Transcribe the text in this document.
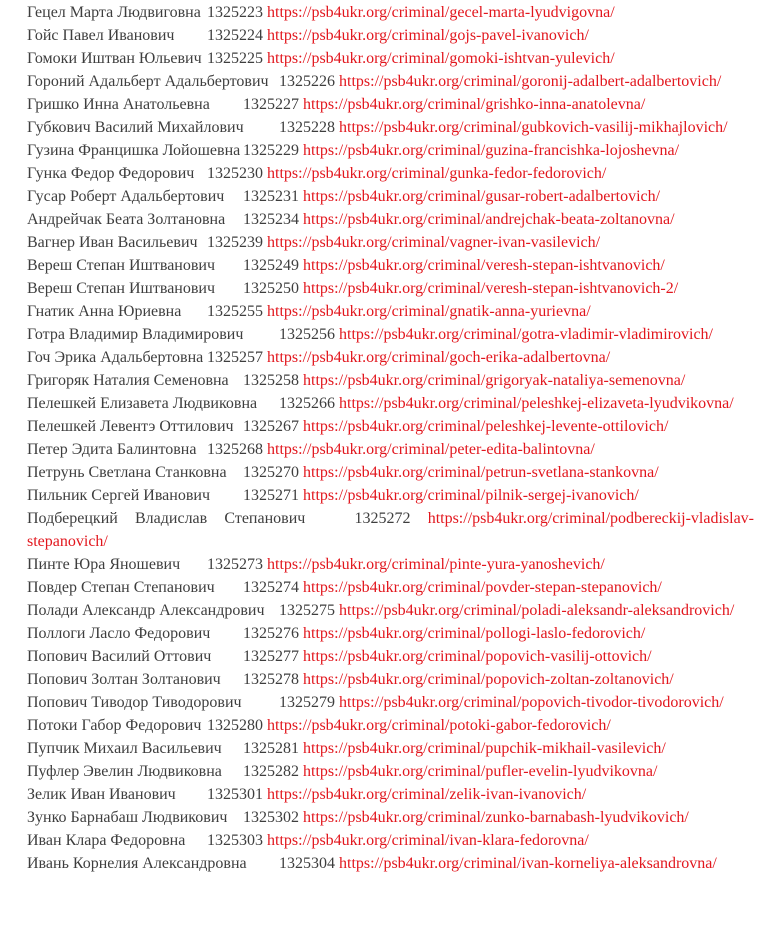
Гецел Марта Людвиговна	1325223 https://psb4ukr.org/criminal/gecel-marta-lyudvigovna/

Гойс Павел Иванович	1325224 https://psb4ukr.org/criminal/gojs-pavel-ivanovich/

Гомоки Иштван Юльевич	1325225 https://psb4ukr.org/criminal/gomoki-ishtvan-yulevich/

Гороний Адальберт Адальбертович	1325226 https://psb4ukr.org/criminal/goronij-adalbert-adalbertovich/

Гришко Инна Анатольевна	1325227 https://psb4ukr.org/criminal/grishko-inna-anatolevna/

Губкович Василий Михайлович	1325228 https://psb4ukr.org/criminal/gubkovich-vasilij-mikhajlovich/

Гузина Францишка Лойошевна	1325229 https://psb4ukr.org/criminal/guzina-francishka-lojoshevna/

Гунка Федор Федорович	1325230 https://psb4ukr.org/criminal/gunka-fedor-fedorovich/

Гусар Роберт Адальбертович	1325231 https://psb4ukr.org/criminal/gusar-robert-adalbertovich/

Андрейчак Беата Золтановна	1325234 https://psb4ukr.org/criminal/andrejchak-beata-zoltanovna/

Вагнер Иван Васильевич	1325239 https://psb4ukr.org/criminal/vagner-ivan-vasilevich/

Вереш Степан Иштванович	1325249 https://psb4ukr.org/criminal/veresh-stepan-ishtvanovich/

Вереш Степан Иштванович	1325250 https://psb4ukr.org/criminal/veresh-stepan-ishtvanovich-2/

Гнатик Анна Юриевна	1325255 https://psb4ukr.org/criminal/gnatik-anna-yurievna/

Готра Владимир Владимирович	1325256 https://psb4ukr.org/criminal/gotra-vladimir-vladimirovich/

Гоч Эрика Адальбертовна	1325257 https://psb4ukr.org/criminal/goch-erika-adalbertovna/

Григоряк Наталия Семеновна	1325258 https://psb4ukr.org/criminal/grigoryak-nataliya-semenovna/

Пелешкей Елизавета Людвиковна	1325266 https://psb4ukr.org/criminal/peleshkej-elizaveta-lyudvikovna/

Пелешкей Левентэ Оттилович	1325267 https://psb4ukr.org/criminal/peleshkej-levente-ottilovich/

Петер Эдита Балинтовна	1325268 https://psb4ukr.org/criminal/peter-edita-balintovna/

Петрунь Светлана Станковна	1325270 https://psb4ukr.org/criminal/petrun-svetlana-stankovna/

Пильник Сергей Иванович	1325271 https://psb4ukr.org/criminal/pilnik-sergej-ivanovich/

Подберецкий Владислав Степанович		1325272 https://psb4ukr.org/criminal/podbereckij-vladislav-stepanovich/

Пинте Юра Яношевич	1325273 https://psb4ukr.org/criminal/pinte-yura-yanoshevich/

Повдер Степан Степанович	1325274 https://psb4ukr.org/criminal/povder-stepan-stepanovich/

Полади Александр Александрович	1325275 https://psb4ukr.org/criminal/poladi-aleksandr-aleksandrovich/

Поллоги Ласло Федорович	1325276 https://psb4ukr.org/criminal/pollogi-laslo-fedorovich/

Попович Василий Оттович	1325277 https://psb4ukr.org/criminal/popovich-vasilij-ottovich/

Попович Золтан Золтанович	1325278 https://psb4ukr.org/criminal/popovich-zoltan-zoltanovich/

Попович Тиводор Тиводорович	1325279 https://psb4ukr.org/criminal/popovich-tivodor-tivodorovich/

Потоки Габор Федорович	1325280 https://psb4ukr.org/criminal/potoki-gabor-fedorovich/

Пупчик Михаил Васильевич	1325281 https://psb4ukr.org/criminal/pupchik-mikhail-vasilevich/

Пуфлер Эвелин Людвиковна	1325282 https://psb4ukr.org/criminal/pufler-evelin-lyudvikovna/

Зелик Иван Иванович	1325301 https://psb4ukr.org/criminal/zelik-ivan-ivanovich/

Зунко Барнабаш Людвикович	1325302 https://psb4ukr.org/criminal/zunko-barnabash-lyudvikovich/

Иван Клара Федоровна	1325303 https://psb4ukr.org/criminal/ivan-klara-fedorovna/

Ивань Корнелия Александровна	1325304 https://psb4ukr.org/criminal/ivan-korneliya-aleksandrovna/
